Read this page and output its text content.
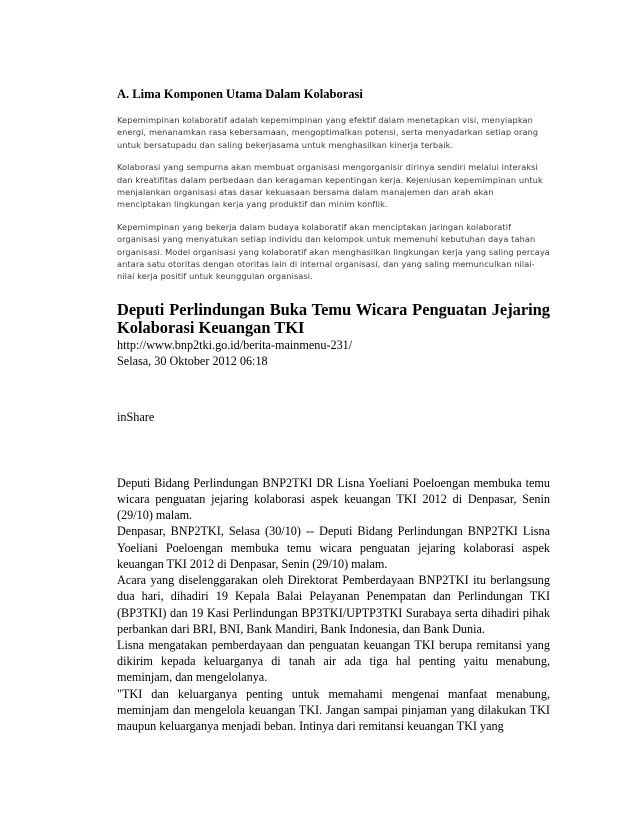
A. Lima Komponen Utama Dalam Kolaborasi

Kepemimpinan kolaboratif adalah kepemimpinan yang efektif dalam menetapkan visi, menyiapkan energi, menanamkan rasa kebersamaan, mengoptimalkan potensi, serta menyadarkan setiap orang untuk bersatupadu dan saling bekerjasama untuk menghasilkan kinerja terbaik.

Kolaborasi yang sempurna akan membuat organisasi mengorganisir dirinya sendiri melalui interaksi dan kreatifitas dalam perbedaan dan keragaman kepentingan kerja. Kejeniusan kepemimpinan untuk menjalankan organisasi atas dasar kekuasaan bersama dalam manajemen dan arah akan menciptakan lingkungan kerja yang produktif dan minim konflik.

Kepemimpinan yang bekerja dalam budaya kolaboratif akan menciptakan jaringan kolaboratif organisasi yang menyatukan setiap individu dan kelompok untuk memenuhi kebutuhan daya tahan organisasi. Model organisasi yang kolaboratif akan menghasilkan lingkungan kerja yang saling percaya antara satu otoritas dengan otoritas lain di internal organisasi, dan yang saling memunculkan nilai-nilai kerja positif untuk keunggulan organisasi.

Deputi Perlindungan Buka Temu Wicara Penguatan Jejaring Kolaborasi Keuangan TKI

http://www.bnp2tki.go.id/berita-mainmenu-231/

Selasa, 30 Oktober 2012 06:18

inShare

Deputi Bidang Perlindungan BNP2TKI DR Lisna Yoeliani Poeloengan membuka temu wicara penguatan jejaring kolaborasi aspek keuangan TKI 2012 di Denpasar, Senin (29/10) malam.

Denpasar, BNP2TKI, Selasa (30/10) -- Deputi Bidang Perlindungan BNP2TKI Lisna Yoeliani Poeloengan membuka temu wicara penguatan jejaring kolaborasi aspek keuangan TKI 2012 di Denpasar, Senin (29/10) malam.

Acara yang diselenggarakan oleh Direktorat Pemberdayaan BNP2TKI itu berlangsung dua hari, dihadiri 19 Kepala Balai Pelayanan Penempatan dan Perlindungan TKI (BP3TKI) dan 19 Kasi Perlindungan BP3TKI/UPTP3TKI Surabaya serta dihadiri pihak perbankan dari BRI, BNI, Bank Mandiri, Bank Indonesia, dan Bank Dunia.

Lisna mengatakan pemberdayaan dan penguatan keuangan TKI berupa remitansi yang dikirim kepada keluarganya di tanah air ada tiga hal penting yaitu menabung, meminjam, dan mengelolanya.

"TKI dan keluarganya penting untuk memahami mengenai manfaat menabung, meminjam dan mengelola keuangan TKI. Jangan sampai pinjaman yang dilakukan TKI maupun keluarganya menjadi beban. Intinya dari remitansi keuangan TKI yang
